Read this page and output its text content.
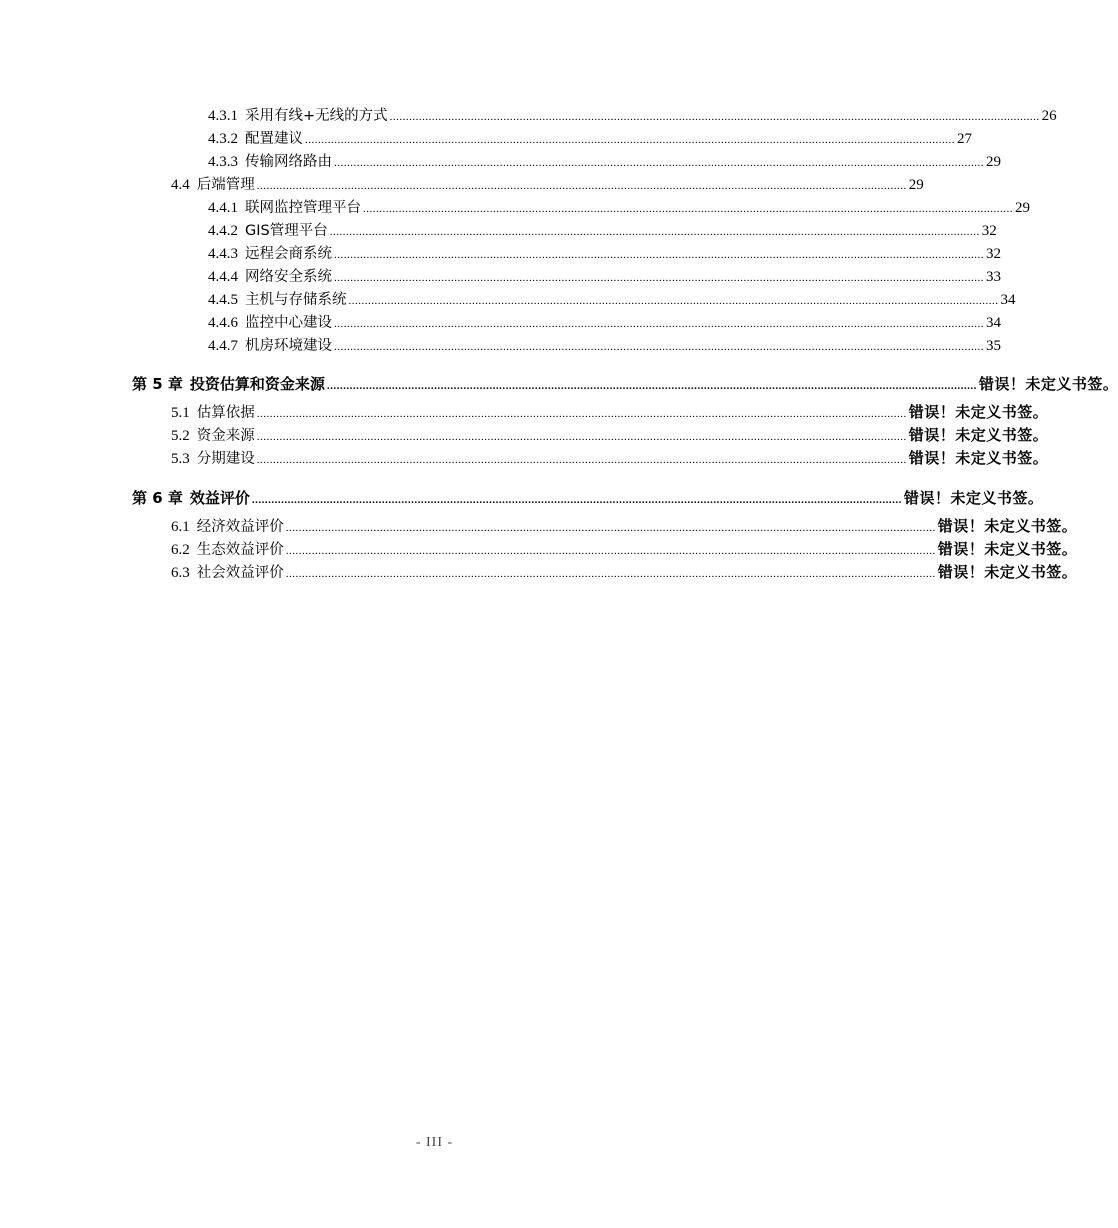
4.3.1 采用有线+无线的方式 ........................................................................................................................................................................................................ 26
4.3.2 配置建议 ........................................................................................................................................................................................................ 27
4.3.3 传输网络路由 ........................................................................................................................................................................................................ 29
4.4 后端管理 ........................................................................................................................................................................................................ 29
4.4.1 联网监控管理平台 ........................................................................................................................................................................................................ 29
4.4.2 GIS管理平台 ........................................................................................................................................................................................................ 32
4.4.3 远程会商系统 ........................................................................................................................................................................................................ 32
4.4.4 网络安全系统 ........................................................................................................................................................................................................ 33
4.4.5 主机与存储系统 ........................................................................................................................................................................................................ 34
4.4.6 监控中心建设 ........................................................................................................................................................................................................ 34
4.4.7 机房环境建设 ........................................................................................................................................................................................................ 35
第 5 章 投资估算和资金来源 ........................................................................................................................................................................................................ 错误！未定义书签。
5.1 估算依据 ........................................................................................................................................................................................................ 错误！未定义书签。
5.2 资金来源 ........................................................................................................................................................................................................ 错误！未定义书签。
5.3 分期建设 ........................................................................................................................................................................................................ 错误！未定义书签。
第 6 章 效益评价 ........................................................................................................................................................................................................ 错误！未定义书签。
6.1 经济效益评价 ........................................................................................................................................................................................................ 错误！未定义书签。
6.2 生态效益评价 ........................................................................................................................................................................................................ 错误！未定义书签。
6.3 社会效益评价 ........................................................................................................................................................................................................ 错误！未定义书签。
- III -
